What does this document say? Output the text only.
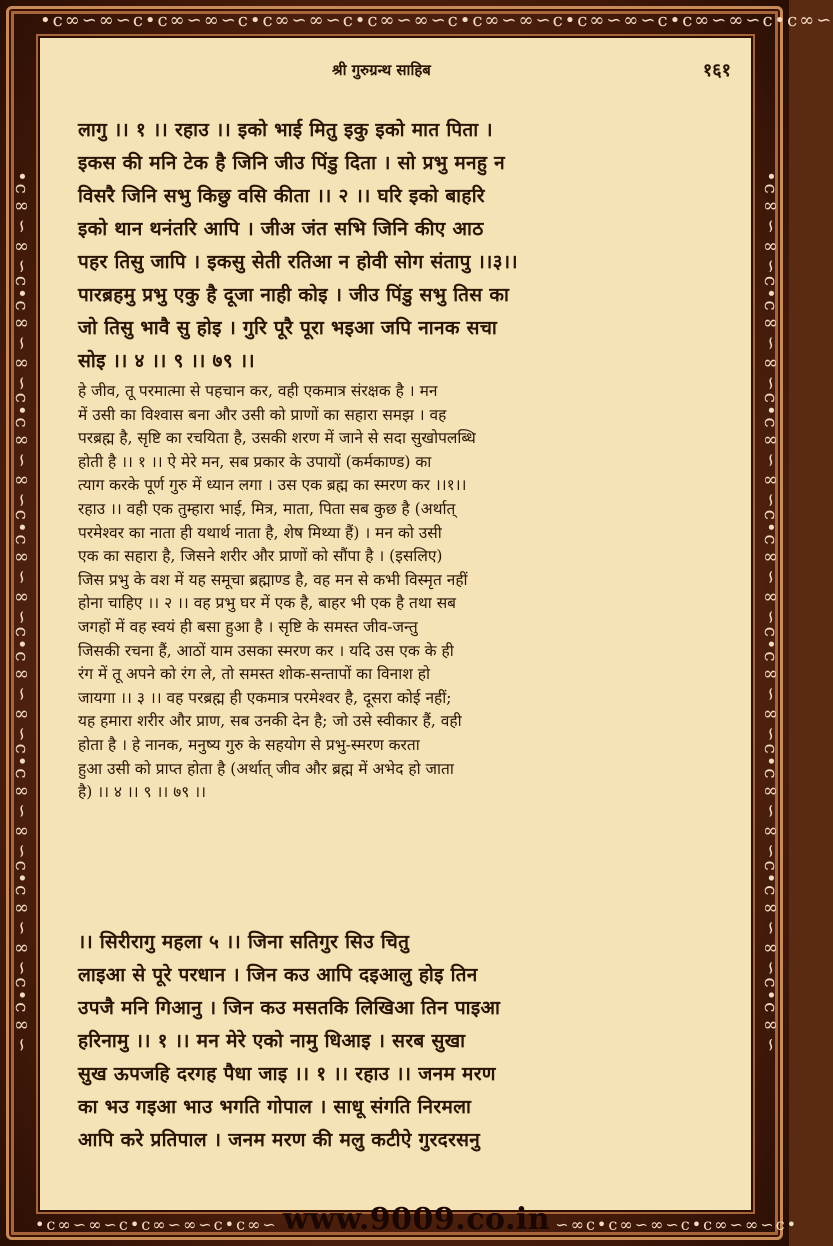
•c∞∽∞∽c•c∞∽∞∽c•c∞∽∞∽c•c∞∽∞∽c•c∞∽∞∽c•c∞∽∞∽c•c∞∽∞∽c•c∞∽
•c∞∽∞∽c•c∞∽∞∽c•c∞∽∞∽c•c∞∽∞∽c•c∞∽∞∽c•c∞∽∞∽c•c∞∽∞∽c•c∞∽	•c∞∽∞∽c•c∞∽∞∽c•c∞∽∞∽c•c∞∽∞∽c•c∞∽∞∽c•c∞∽∞∽c•c∞∽∞∽c•c∞∽
श्री गुरुग्रन्थ साहिब	१६१
लागु ।। १ ।। रहाउ ।। इको भाई मितु इकु इको मात पिता ।
इकस की मनि टेक है जिनि जीउ पिंडु दिता । सो प्रभु मनहु न
विसरै जिनि सभु किछु वसि कीता ।। २ ।। घरि इको बाहरि
इको थान थनंतरि आपि । जीअ जंत सभि जिनि कीए आठ
पहर तिसु जापि । इकसु सेती रतिआ न होवी सोग संतापु ।।३।।
पारब्रहमु प्रभु एकु है दूजा नाही कोइ । जीउ पिंडु सभु तिस का
जो तिसु भावै सु होइ । गुरि पूरै पूरा भइआ जपि नानक सचा
सोइ ।। ४ ।। ९ ।। ७९ ।।
हे जीव, तू परमात्मा से पहचान कर, वही एकमात्र संरक्षक है । मन
में उसी का विश्वास बना और उसी को प्राणों का सहारा समझ । वह
परब्रह्म है, सृष्टि का रचयिता है, उसकी शरण में जाने से सदा सुखोपलब्धि
होती है ।। १ ।। ऐ मेरे मन, सब प्रकार के उपायों (कर्मकाण्ड) का
त्याग करके पूर्ण गुरु में ध्यान लगा । उस एक ब्रह्म का स्मरण कर ।।१।।
रहाउ ।। वही एक तुम्हारा भाई, मित्र, माता, पिता सब कुछ है (अर्थात्
परमेश्वर का नाता ही यथार्थ नाता है, शेष मिथ्या हैं) । मन को उसी
एक का सहारा है, जिसने शरीर और प्राणों को सौंपा है । (इसलिए)
जिस प्रभु के वश में यह समूचा ब्रह्माण्ड है, वह मन से कभी विस्मृत नहीं
होना चाहिए ।। २ ।। वह प्रभु घर में एक है, बाहर भी एक है तथा सब
जगहों में वह स्वयं ही बसा हुआ है । सृष्टि के समस्त जीव-जन्तु
जिसकी रचना हैं, आठों याम उसका स्मरण कर । यदि उस एक के ही
रंग में तू अपने को रंग ले, तो समस्त शोक-सन्तापों का विनाश हो
जायगा ।। ३ ।। वह परब्रह्म ही एकमात्र परमेश्वर है, दूसरा कोई नहीं;
यह हमारा शरीर और प्राण, सब उनकी देन है; जो उसे स्वीकार हैं, वही
होता है । हे नानक, मनुष्य गुरु के सहयोग से प्रभु-स्मरण करता
हुआ उसी को प्राप्त होता है (अर्थात् जीव और ब्रह्म में अभेद हो जाता
है) ।। ४ ।। ९ ।। ७९ ।।
।। सिरीरागु महला ५ ।। जिना सतिगुर सिउ चितु
लाइआ से पूरे परधान । जिन कउ आपि दइआलु होइ तिन
उपजै मनि गिआनु । जिन कउ मसतकि लिखिआ तिन पाइआ
हरिनामु ।। १ ।। मन मेरे एको नामु धिआइ । सरब सुखा
सुख ऊपजहि दरगह पैधा जाइ ।। १ ।। रहाउ ।। जनम मरण
का भउ गइआ भाउ भगति गोपाल । साधू संगति निरमला
आपि करे प्रतिपाल । जनम मरण की मलु कटीऐ गुरदरसनु
•c∞∽∞∽c•c∞∽∞∽c•c∞∽ www.9009.co.in ∽∞c•c∞∽∞∽c•c∞∽∞∽c•
